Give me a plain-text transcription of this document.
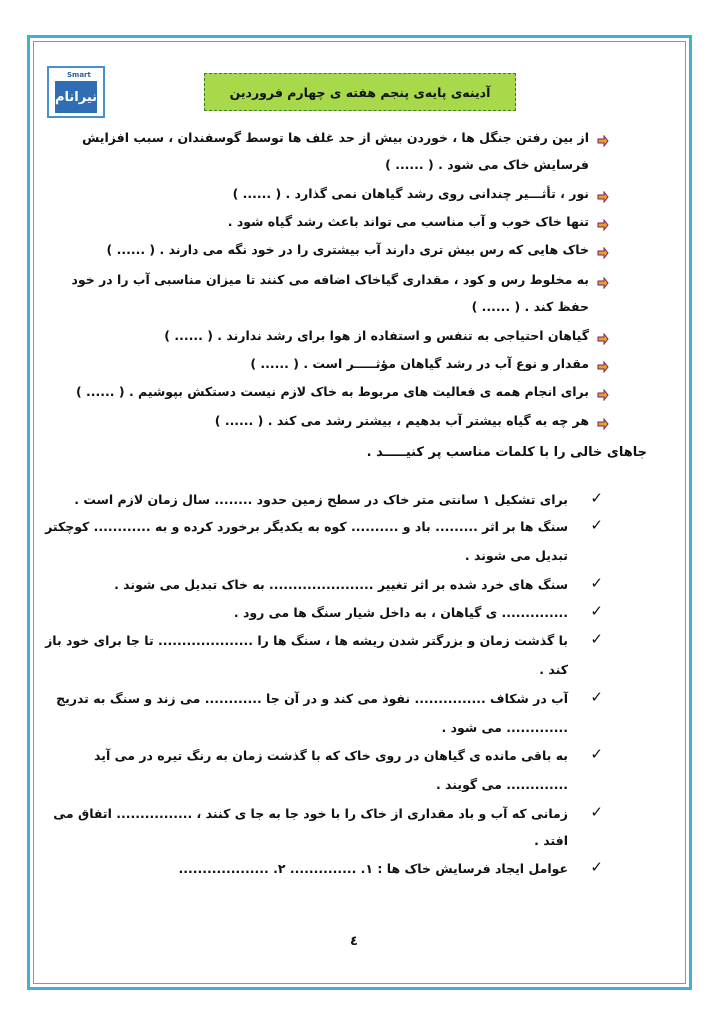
Smart
نیرانام	آدینه‌ی پایه‌ی پنجم هفته ی چهارم فروردین
از بین رفتن جنگل ها ، خوردن بیش از حد غلف ها توسط گوسفندان ، سبب افزایش
فرسایش خاک می شود . ( ...... )
نور ، تأثـــیر چندانی روی رشد گیاهان نمی گذارد . ( ...... )
تنها خاک خوب و آب مناسب می تواند باعث رشد گیاه شود .
خاک هایی که رس بیش تری دارند آب بیشتری را در خود نگه می دارند . ( ...... )
به مخلوط رس و کود ، مقداری گیاخاک اضافه می کنند تا میزان مناسبی آب را در خود
حفظ کند . ( ...... )
گیاهان احتیاجی به تنفس و استفاده از هوا برای رشد ندارند . ( ...... )
مقدار و نوع آب در رشد گیاهان مؤثـــــر است . ( ...... )
برای انجام همه ی فعالیت های مربوط به خاک لازم نیست دستکش بپوشیم . ( ...... )
هر چه به گیاه بیشتر آب بدهیم ، بیشتر رشد می کند . ( ...... )
جاهای خالی را با کلمات مناسب پر کنیـــــد .
✓
برای تشکیل ۱ سانتی متر خاک در سطح زمین حدود ........ سال زمان لازم است .
✓
سنگ ها بر اثر ......... باد و .......... کوه به یکدیگر برخورد کرده و به ............ کوچکتر
تبدیل می شوند .
✓
سنگ های خرد شده بر اثر تغییر ...................... به خاک تبدیل می شوند .
✓
.............. ی گیاهان ، به داخل شیار سنگ ها می رود .
✓
با گذشت زمان و بزرگتر شدن ریشه ها ، سنگ ها را .................... تا جا برای خود باز
کند .
✓
آب در شکاف ............... نفوذ می کند و در آن جا ............ می زند و سنگ به تدریج
............. می شود .
✓
به باقی مانده ی گیاهان در روی خاک که با گذشت زمان به رنگ تیره در می آید
............. می گویند .
✓
زمانی که آب و باد مقداری از خاک را با خود جا به جا ی کنند ، ................ اتفاق می
افتد .
✓
عوامل ایجاد فرسایش خاک ها : ۱. .............. ۲. ...................
٤
